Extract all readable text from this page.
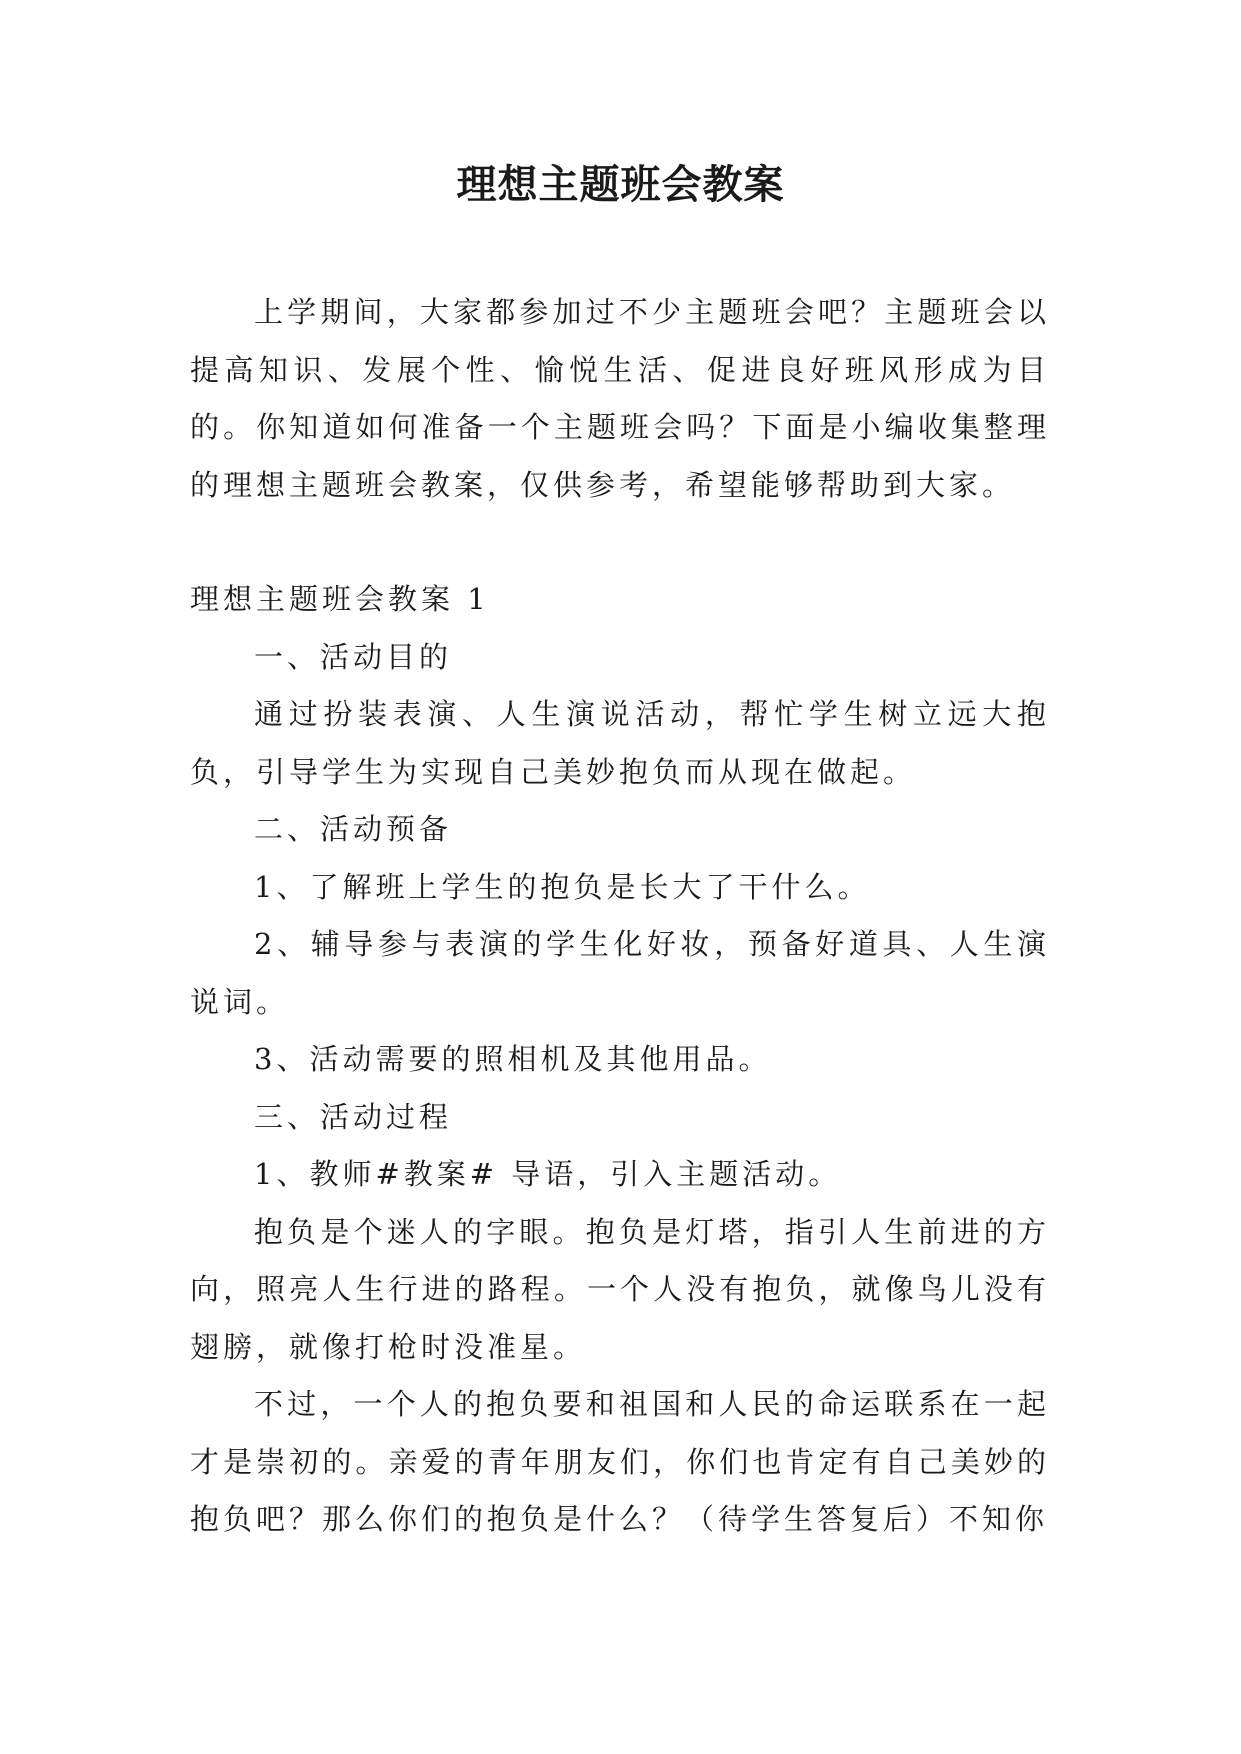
理想主题班会教案

上学期间，大家都参加过不少主题班会吧？主题班会以提高知识、发展个性、愉悦生活、促进良好班风形成为目的。你知道如何准备一个主题班会吗？下面是小编收集整理的理想主题班会教案，仅供参考，希望能够帮助到大家。

理想主题班会教案 1

一、活动目的

通过扮装表演、人生演说活动，帮忙学生树立远大抱负，引导学生为实现自己美妙抱负而从现在做起。

二、活动预备

1、了解班上学生的抱负是长大了干什么。

2、辅导参与表演的学生化好妆，预备好道具、人生演说词。

3、活动需要的照相机及其他用品。

三、活动过程

1、教师#教案# 导语，引入主题活动。

抱负是个迷人的字眼。抱负是灯塔，指引人生前进的方向，照亮人生行进的路程。一个人没有抱负，就像鸟儿没有翅膀，就像打枪时没准星。

不过，一个人的抱负要和祖国和人民的命运联系在一起才是崇初的。亲爱的青年朋友们，你们也肯定有自己美妙的抱负吧？那么你们的抱负是什么？（待学生答复后）不知你
